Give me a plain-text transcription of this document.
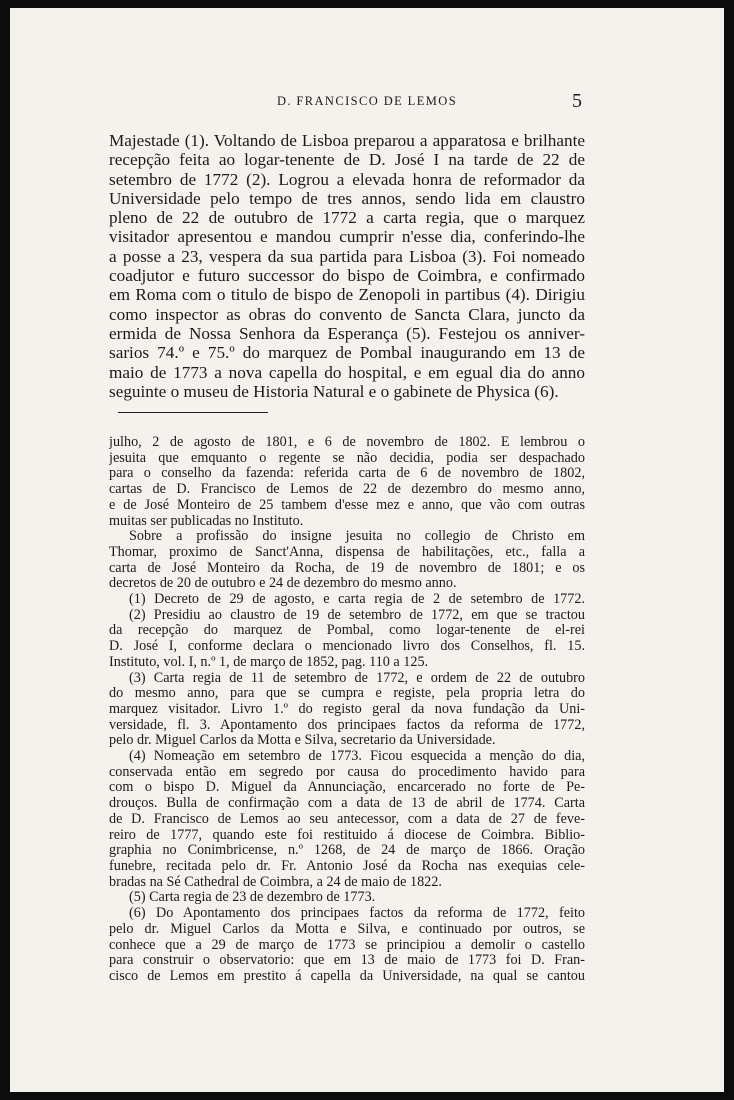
D. FRANCISCO DE LEMOS	5
Majestade (1). Voltando de Lisboa preparou a apparatosa e brilhante
recepção feita ao logar-tenente de D. José I na tarde de 22 de
setembro de 1772 (2). Logrou a elevada honra de reformador da
Universidade pelo tempo de tres annos, sendo lida em claustro
pleno de 22 de outubro de 1772 a carta regia, que o marquez
visitador apresentou e mandou cumprir n'esse dia, conferindo-lhe
a posse a 23, vespera da sua partida para Lisboa (3). Foi nomeado
coadjutor e futuro successor do bispo de Coimbra, e confirmado
em Roma com o titulo de bispo de Zenopoli in partibus (4). Dirigiu
como inspector as obras do convento de Sancta Clara, juncto da
ermida de Nossa Senhora da Esperança (5). Festejou os anniver-
sarios 74.º e 75.º do marquez de Pombal inaugurando em 13 de
maio de 1773 a nova capella do hospital, e em egual dia do anno
seguinte o museu de Historia Natural e o gabinete de Physica (6).
julho, 2 de agosto de 1801, e 6 de novembro de 1802. E lembrou o
jesuita que emquanto o regente se não decidia, podia ser despachado
para o conselho da fazenda: referida carta de 6 de novembro de 1802,
cartas de D. Francisco de Lemos de 22 de dezembro do mesmo anno,
e de José Monteiro de 25 tambem d'esse mez e anno, que vão com outras
muitas ser publicadas no Instituto.
Sobre a profissão do insigne jesuita no collegio de Christo em
Thomar, proximo de Sanct'Anna, dispensa de habilitações, etc., falla a
carta de José Monteiro da Rocha, de 19 de novembro de 1801; e os
decretos de 20 de outubro e 24 de dezembro do mesmo anno.
(1) Decreto de 29 de agosto, e carta regia de 2 de setembro de 1772.
(2) Presidiu ao claustro de 19 de setembro de 1772, em que se tractou
da recepção do marquez de Pombal, como logar-tenente de el-rei
D. José I, conforme declara o mencionado livro dos Conselhos, fl. 15.
Instituto, vol. I, n.º 1, de março de 1852, pag. 110 a 125.
(3) Carta regia de 11 de setembro de 1772, e ordem de 22 de outubro
do mesmo anno, para que se cumpra e registe, pela propria letra do
marquez visitador. Livro 1.º do registo geral da nova fundação da Uni-
versidade, fl. 3. Apontamento dos principaes factos da reforma de 1772,
pelo dr. Miguel Carlos da Motta e Silva, secretario da Universidade.
(4) Nomeação em setembro de 1773. Ficou esquecida a menção do dia,
conservada então em segredo por causa do procedimento havido para
com o bispo D. Miguel da Annunciação, encarcerado no forte de Pe-
drouços. Bulla de confirmação com a data de 13 de abril de 1774. Carta
de D. Francisco de Lemos ao seu antecessor, com a data de 27 de feve-
reiro de 1777, quando este foi restituido á diocese de Coimbra. Biblio-
graphia no Conimbricense, n.º 1268, de 24 de março de 1866. Oração
funebre, recitada pelo dr. Fr. Antonio José da Rocha nas exequias cele-
bradas na Sé Cathedral de Coimbra, a 24 de maio de 1822.
(5) Carta regia de 23 de dezembro de 1773.
(6) Do Apontamento dos principaes factos da reforma de 1772, feito
pelo dr. Miguel Carlos da Motta e Silva, e continuado por outros, se
conhece que a 29 de março de 1773 se principiou a demolir o castello
para construir o observatorio: que em 13 de maio de 1773 foi D. Fran-
cisco de Lemos em prestito á capella da Universidade, na qual se cantou
